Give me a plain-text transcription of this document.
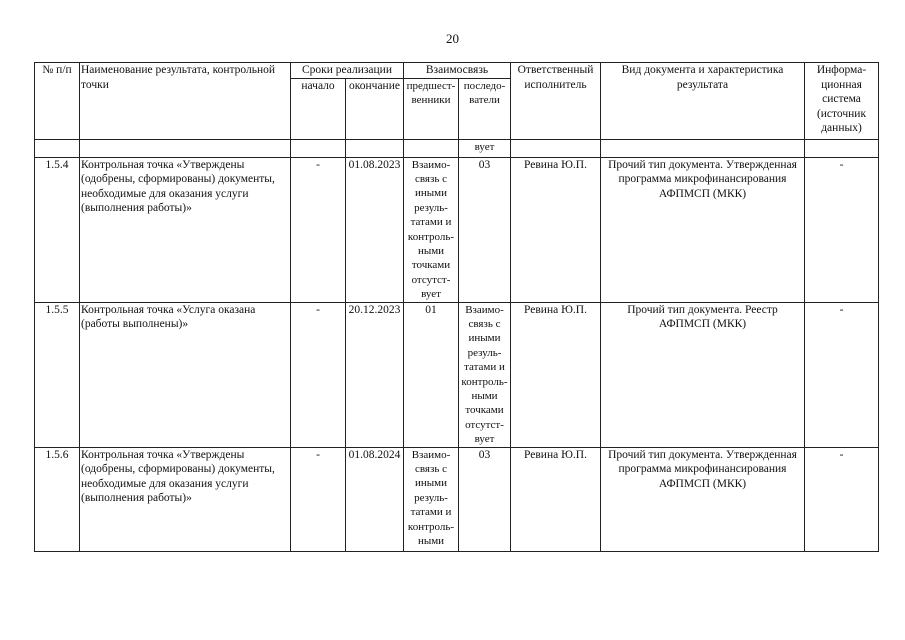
20
№ п/п	Наименование результата, контрольной точки	Сроки реализации		Взаимосвязь		Ответственный исполнитель	Вид документа и характеристика результата	Информа-ционная система (источник данных)
		начало	окончание	предшест-венники	последо-ватели			
					вует			
1.5.4	Контрольная точка «Утверждены (одобрены, сформированы) документы, необходимые для оказания услуги (выполнения работы)»	-	01.08.2023	Взаимо-связь с иными резуль-татами и контроль-ными точками отсутст-вует	03	Ревина Ю.П.	Прочий тип документа. Утвержденная программа микрофинансирования АФПМСП (МКК)	-
1.5.5	Контрольная точка «Услуга оказана (работы выполнены)»	-	20.12.2023	01	Взаимо-связь с иными резуль-татами и контроль-ными точками отсутст-вует	Ревина Ю.П.	Прочий тип документа. Реестр АФПМСП (МКК)	-
1.5.6	Контрольная точка «Утверждены (одобрены, сформированы) документы, необходимые для оказания услуги (выполнения работы)»	-	01.08.2024	Взаимо-связь с иными резуль-татами и контроль-ными	03	Ревина Ю.П.	Прочий тип документа. Утвержденная программа микрофинансирования АФПМСП (МКК)	-
